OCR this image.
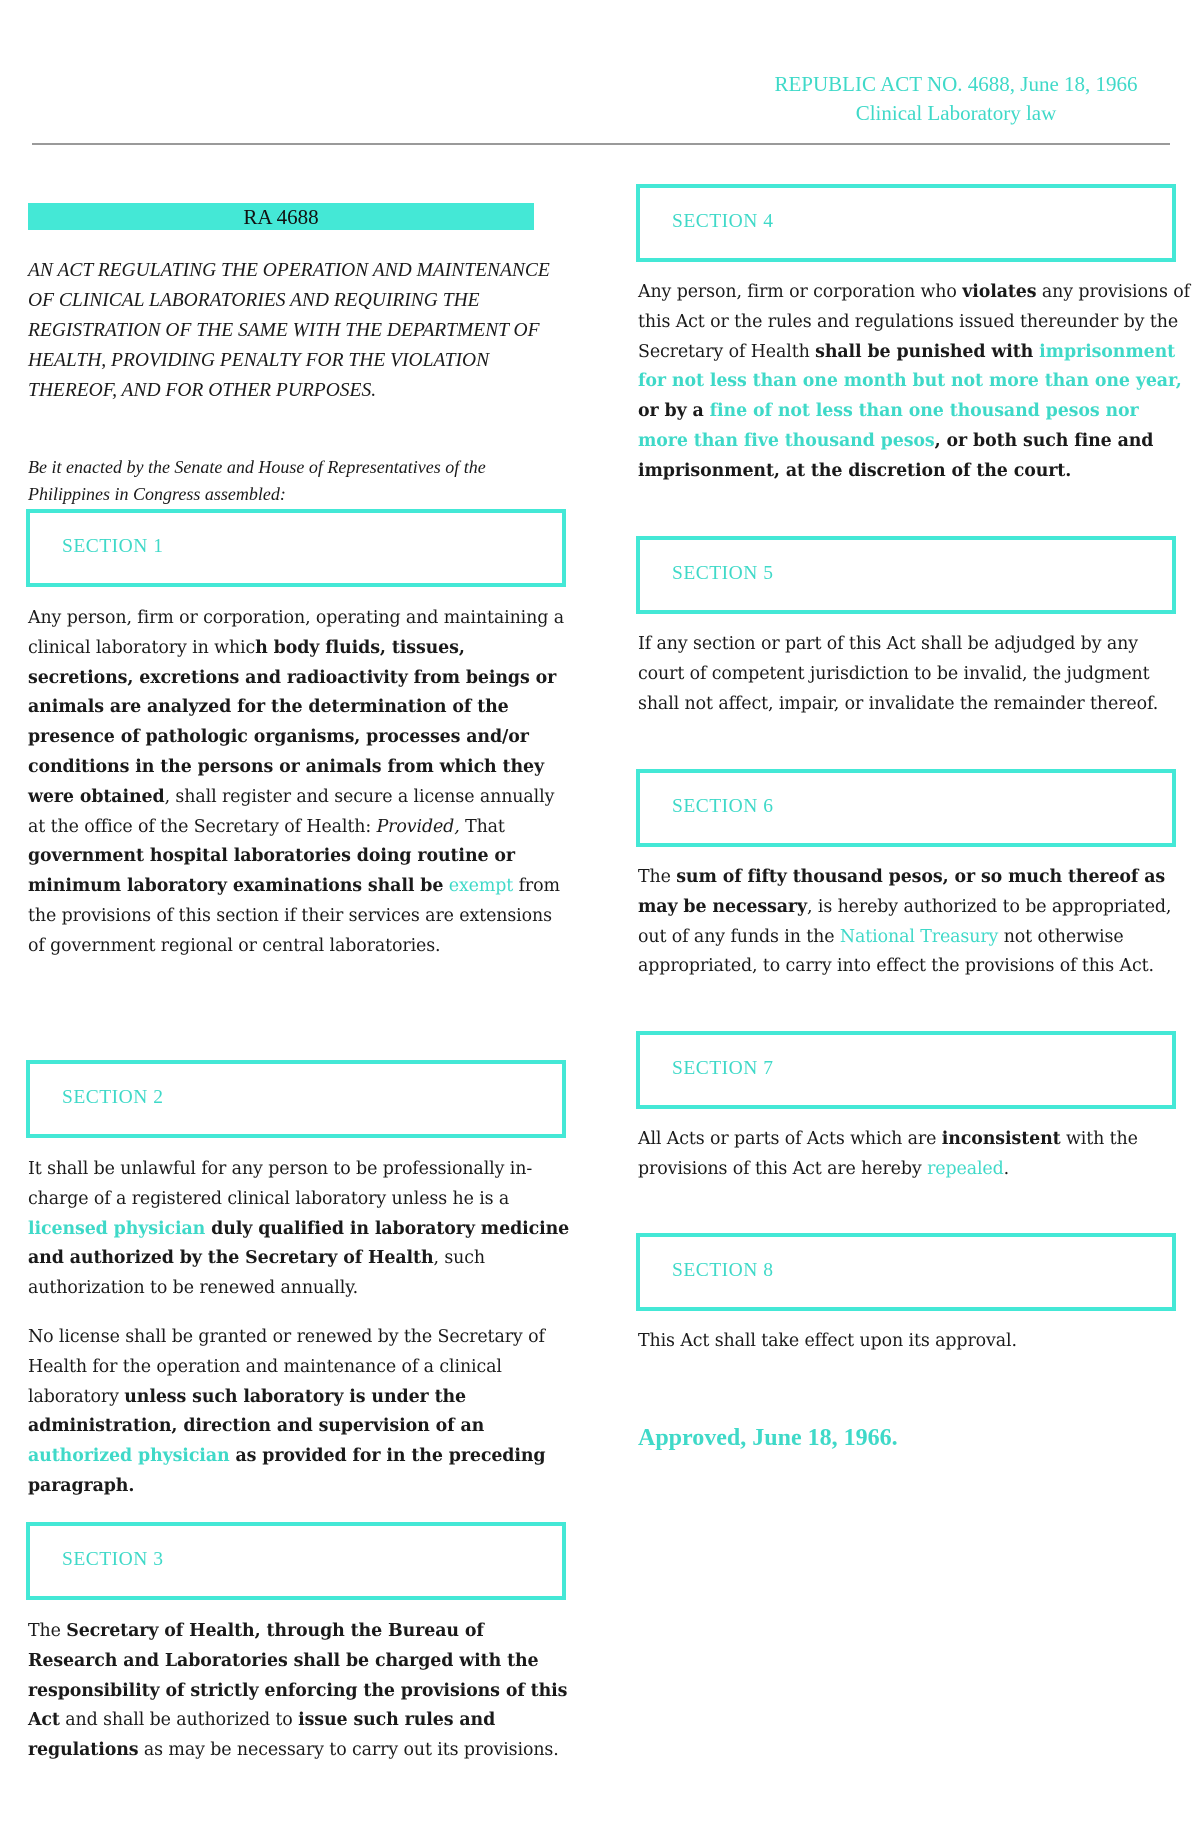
REPUBLIC ACT NO. 4688, June 18, 1966
Clinical Laboratory law
RA 4688
AN ACT REGULATING THE OPERATION AND MAINTENANCE OF CLINICAL LABORATORIES AND REQUIRING THE REGISTRATION OF THE SAME WITH THE DEPARTMENT OF HEALTH, PROVIDING PENALTY FOR THE VIOLATION THEREOF, AND FOR OTHER PURPOSES.
Be it enacted by the Senate and House of Representatives of the Philippines in Congress assembled:
SECTION 1
Any person, firm or corporation, operating and maintaining a clinical laboratory in which body fluids, tissues, secretions, excretions and radioactivity from beings or animals are analyzed for the determination of the presence of pathologic organisms, processes and/or conditions in the persons or animals from which they were obtained, shall register and secure a license annually at the office of the Secretary of Health: Provided, That government hospital laboratories doing routine or minimum laboratory examinations shall be exempt from the provisions of this section if their services are extensions of government regional or central laboratories.
SECTION 2
It shall be unlawful for any person to be professionally in-charge of a registered clinical laboratory unless he is a licensed physician duly qualified in laboratory medicine and authorized by the Secretary of Health, such authorization to be renewed annually.
No license shall be granted or renewed by the Secretary of Health for the operation and maintenance of a clinical laboratory unless such laboratory is under the administration, direction and supervision of an authorized physician as provided for in the preceding paragraph.
SECTION 3
The Secretary of Health, through the Bureau of Research and Laboratories shall be charged with the responsibility of strictly enforcing the provisions of this Act and shall be authorized to issue such rules and regulations as may be necessary to carry out its provisions.
SECTION 4
Any person, firm or corporation who violates any provisions of this Act or the rules and regulations issued thereunder by the Secretary of Health shall be punished with imprisonment for not less than one month but not more than one year, or by a fine of not less than one thousand pesos nor more than five thousand pesos, or both such fine and imprisonment, at the discretion of the court.
SECTION 5
If any section or part of this Act shall be adjudged by any court of competent jurisdiction to be invalid, the judgment shall not affect, impair, or invalidate the remainder thereof.
SECTION 6
The sum of fifty thousand pesos, or so much thereof as may be necessary, is hereby authorized to be appropriated, out of any funds in the National Treasury not otherwise appropriated, to carry into effect the provisions of this Act.
SECTION 7
All Acts or parts of Acts which are inconsistent with the provisions of this Act are hereby repealed.
SECTION 8
This Act shall take effect upon its approval.
Approved, June 18, 1966.
